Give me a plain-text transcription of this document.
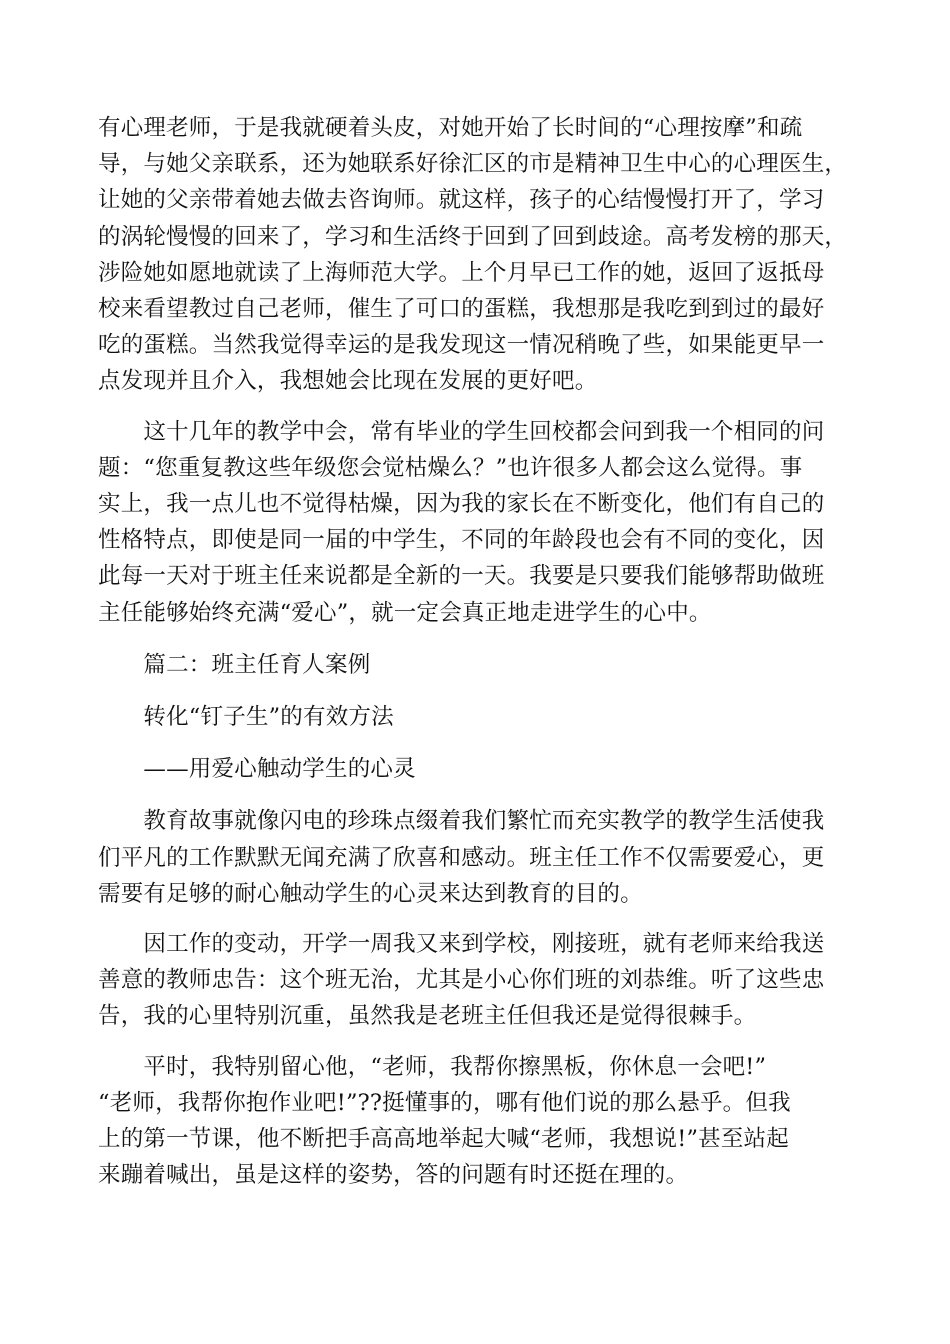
有心理老师，于是我就硬着头皮，对她开始了长时间的“心理按摩”和疏
导，与她父亲联系，还为她联系好徐汇区的市是精神卫生中心的心理医生，
让她的父亲带着她去做去咨询师。就这样，孩子的心结慢慢打开了，学习
的涡轮慢慢的回来了，学习和生活终于回到了回到歧途。高考发榜的那天，
涉险她如愿地就读了上海师范大学。上个月早已工作的她，返回了返抵母
校来看望教过自己老师，催生了可口的蛋糕，我想那是我吃到到过的最好
吃的蛋糕。当然我觉得幸运的是我发现这一情况稍晚了些，如果能更早一
点发现并且介入，我想她会比现在发展的更好吧。
　　这十几年的教学中会，常有毕业的学生回校都会问到我一个相同的问
题：“您重复教这些年级您会觉枯燥么？”也许很多人都会这么觉得。事
实上，我一点儿也不觉得枯燥，因为我的家长在不断变化，他们有自己的
性格特点，即使是同一届的中学生，不同的年龄段也会有不同的变化，因
此每一天对于班主任来说都是全新的一天。我要是只要我们能够帮助做班
主任能够始终充满“爱心”，就一定会真正地走进学生的心中。
　　篇二：班主任育人案例
　　转化“钉子生”的有效方法
　　——用爱心触动学生的心灵
　　教育故事就像闪电的珍珠点缀着我们繁忙而充实教学的教学生活使我
们平凡的工作默默无闻充满了欣喜和感动。班主任工作不仅需要爱心，更
需要有足够的耐心触动学生的心灵来达到教育的目的。
　　因工作的变动，开学一周我又来到学校，刚接班，就有老师来给我送
善意的教师忠告：这个班无治，尤其是小心你们班的刘恭维。听了这些忠
告，我的心里特别沉重，虽然我是老班主任但我还是觉得很棘手。
　　平时，我特别留心他，“老师，我帮你擦黑板，你休息一会吧!”
“老师，我帮你抱作业吧!”??挺懂事的，哪有他们说的那么悬乎。但我
上的第一节课，他不断把手高高地举起大喊“老师，我想说!”甚至站起
来蹦着喊出，虽是这样的姿势，答的问题有时还挺在理的。
